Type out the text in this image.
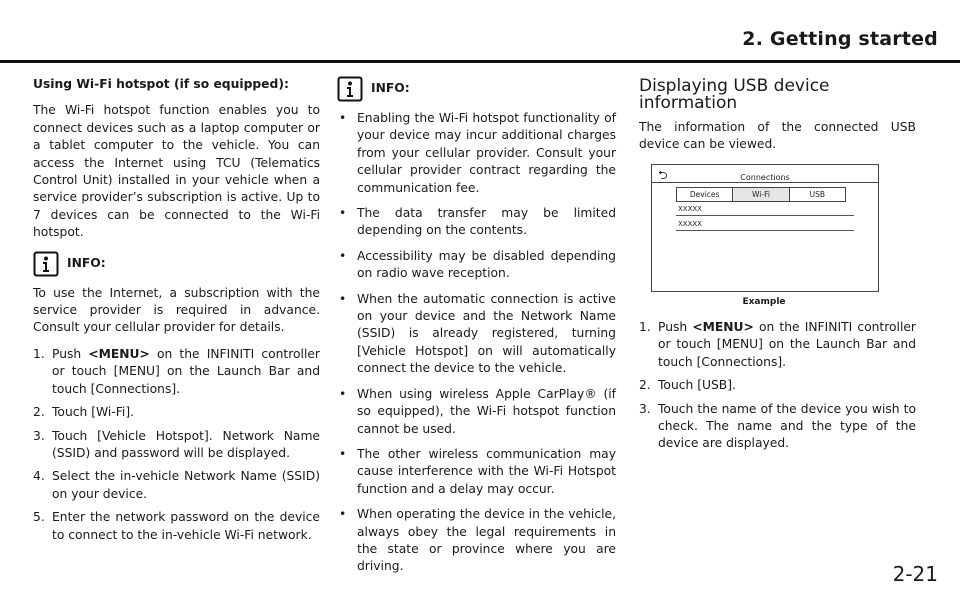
2. Getting started

Using Wi-Fi hotspot (if so equipped):

The Wi-Fi hotspot function enables you to connect devices such as a laptop computer or a tablet computer to the vehicle. You can access the Internet using TCU (Telematics Control Unit) installed in your vehicle when a service provider’s subscription is active. Up to 7 devices can be connected to the Wi-Fi hotspot.

INFO:

To use the Internet, a subscription with the service provider is required in advance. Consult your cellular provider for details.

1. Push <MENU> on the INFINITI controller or touch [MENU] on the Launch Bar and touch [Connections].
2. Touch [Wi-Fi].
3. Touch [Vehicle Hotspot]. Network Name (SSID) and password will be displayed.
4. Select the in-vehicle Network Name (SSID) on your device.
5. Enter the network password on the device to connect to the in-vehicle Wi-Fi network.
INFO:
• Enabling the Wi-Fi hotspot functionality of your device may incur additional charges from your cellular provider. Consult your cellular provider contract regarding the communication fee.
• The data transfer may be limited depending on the contents.
• Accessibility may be disabled depending on radio wave reception.
• When the automatic connection is active on your device and the Network Name (SSID) is already registered, turning [Vehicle Hotspot] on will automatically connect the device to the vehicle.
• When using wireless Apple CarPlay® (if so equipped), the Wi-Fi hotspot function cannot be used.
• The other wireless communication may cause interference with the Wi-Fi Hotspot function and a delay may occur.
• When operating the device in the vehicle, always obey the legal requirements in the state or province where you are driving.
Displaying USB device information

The information of the connected USB device can be viewed.

⮌	Connections
Devices	Wi-Fi	USB
XXXXX
XXXXX
Example
1. Push <MENU> on the INFINITI controller or touch [MENU] on the Launch Bar and touch [Connections].
2. Touch [USB].
3. Touch the name of the device you wish to check. The name and the type of the device are displayed.
2-21
